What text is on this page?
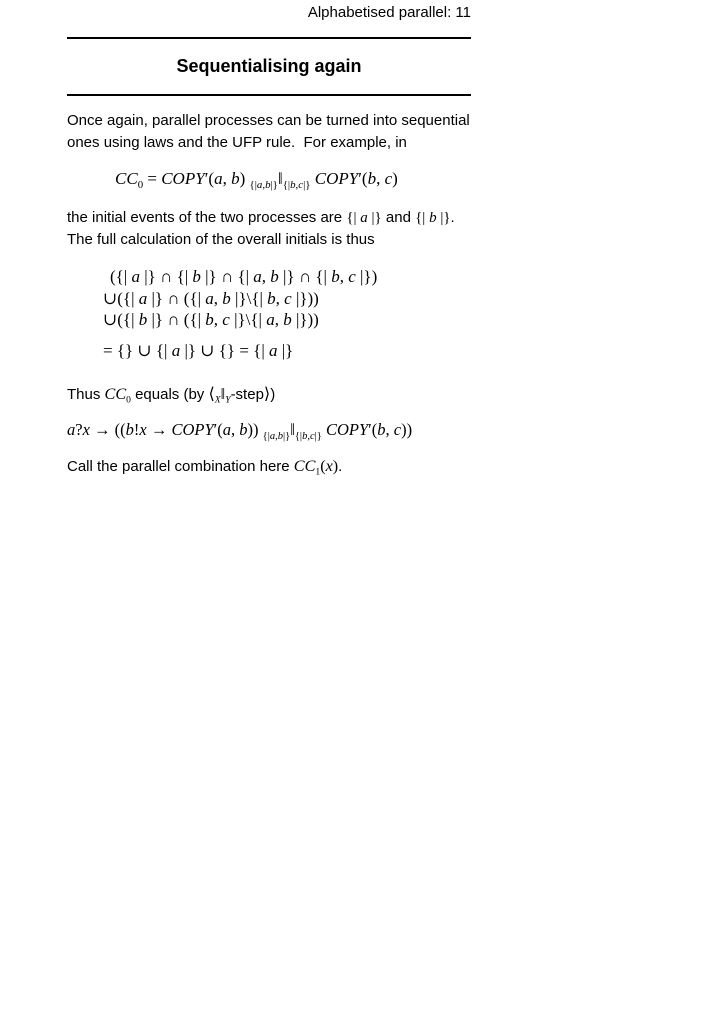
Alphabetised parallel: 11
Sequentialising again
Once again, parallel processes can be turned into sequential
ones using laws and the UFP rule.  For example, in
$CC_0$ = COPY′(a, b) $_{\{|a,b|\}}‖_{\{|b,c|\}}$ COPY′(b, c)
the initial events of the two processes are {| a |} and {| b |}.
The full calculation of the overall initials is thus
({| a |} ∩ {| b |} ∩ {| a, b |} ∩ {| b, c |})
∪({| a |} ∩ ({| a, b |}\{| b, c |}))
∪({| b |} ∩ ({| b, c |}\{| a, b |}))
= {} ∪ {| a |} ∪ {} = {| a |}
Thus $CC_0$ equals (by $⟨_X‖_Y-step⟩$)
a?x → ((b!x → COPY′(a, b)) $_{\{|a,b|\}}‖_{\{|b,c|\}}$ COPY′(b, c))
Call the parallel combination here $CC_1(x)$.
